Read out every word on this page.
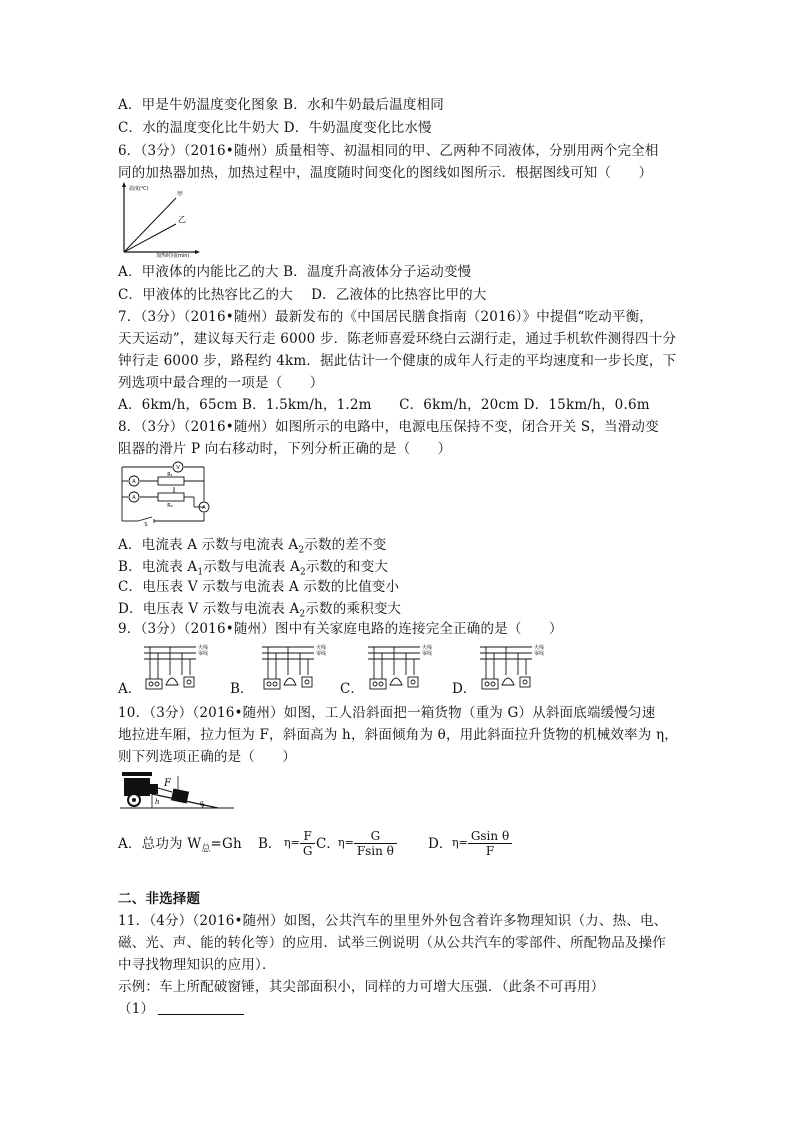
A．甲是牛奶温度变化图象 B．水和牛奶最后温度相同
C．水的温度变化比牛奶大 D．牛奶温度变化比水慢
6．（3分）（2016•随州）质量相等、初温相同的甲、乙两种不同液体，分别用两个完全相
同的加热器加热，加热过程中，温度随时间变化的图线如图所示．根据图线可知（　　）
温度(℃)
加热时间(min)
甲
乙
A．甲液体的内能比乙的大 B．温度升高液体分子运动变慢
C．甲液体的比热容比乙的大　 D．乙液体的比热容比甲的大
7．（3分）（2016•随州）最新发布的《中国居民膳食指南（2016）》中提倡“吃动平衡，
天天运动”，建议每天行走 6000 步．陈老师喜爱环绕白云湖行走，通过手机软件测得四十分
钟行走 6000 步，路程约 4km．据此估计一个健康的成年人行走的平均速度和一步长度，下
列选项中最合理的一项是（　　）
A．6km/h，65cm B．1.5km/h，1.2m　　C．6km/h，20cm D．15km/h，0.6m
8．（3分）（2016•随州）如图所示的电路中，电源电压保持不变，闭合开关 S，当滑动变
阻器的滑片 P 向右移动时，下列分析正确的是（　　）
A
A
V
A
R₁
R₂
S
A．电流表 A 示数与电流表 $A_2$示数的差不变
B．电流表 $A_1$示数与电流表 $A_2$示数的和变大
C．电压表 V 示数与电流表 A 示数的比值变小
D．电压表 V 示数与电流表 $A_2$示数的乘积变大
9．（3分）（2016•随州）图中有关家庭电路的连接完全正确的是（　　）
A．
火线
零线
B．
火线
零线
C．
火线
零线
D．
火线
零线
10．（3分）（2016•随州）如图，工人沿斜面把一箱货物（重为 G）从斜面底端缓慢匀速
地拉进车厢，拉力恒为 F，斜面高为 h，斜面倾角为 θ，用此斜面拉升货物的机械效率为 η，
则下列选项正确的是（　　）
F
h	θ
A．总功为 $W_总=Gh$ B． $\eta= \frac{F}{G}$ C．
$\eta= \frac{G}{\text{Fsin θ}}$ D． $\eta= \frac{\text{Gsin θ}}{F}$
二、非选择题
11．（4分）（2016•随州）如图，公共汽车的里里外外包含着许多物理知识（力、热、电、
磁、光、声、能的转化等）的应用．试举三例说明（从公共汽车的零部件、所配物品及操作
中寻找物理知识的应用）．
示例：车上所配破窗锤，其尖部面积小，同样的力可增大压强．（此条不可再用）
（1）
